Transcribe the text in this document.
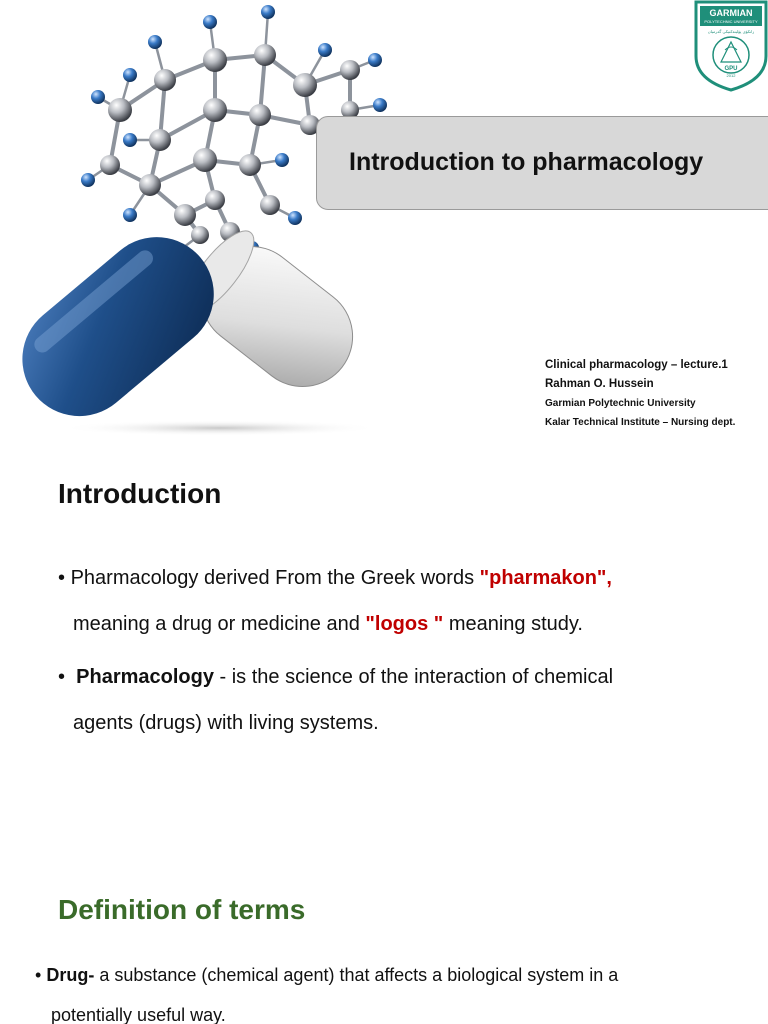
GARMIAN
POLYTECHNIC UNIVERSITY
زانكۆی پۆلیتەكنیكی گەرمیان
GPU
2012
Introduction to pharmacology
Clinical pharmacology – lecture.1
Rahman O. Hussein
Garmian Polytechnic University
Kalar Technical Institute – Nursing dept.
Introduction
• Pharmacology derived From the Greek words "pharmakon",
meaning a drug or medicine and "logos " meaning study.
• Pharmacology - is the science of the interaction of chemical
agents (drugs) with living systems.
Definition of terms
• Drug- a substance (chemical agent) that affects a biological system in a
potentially useful way.
